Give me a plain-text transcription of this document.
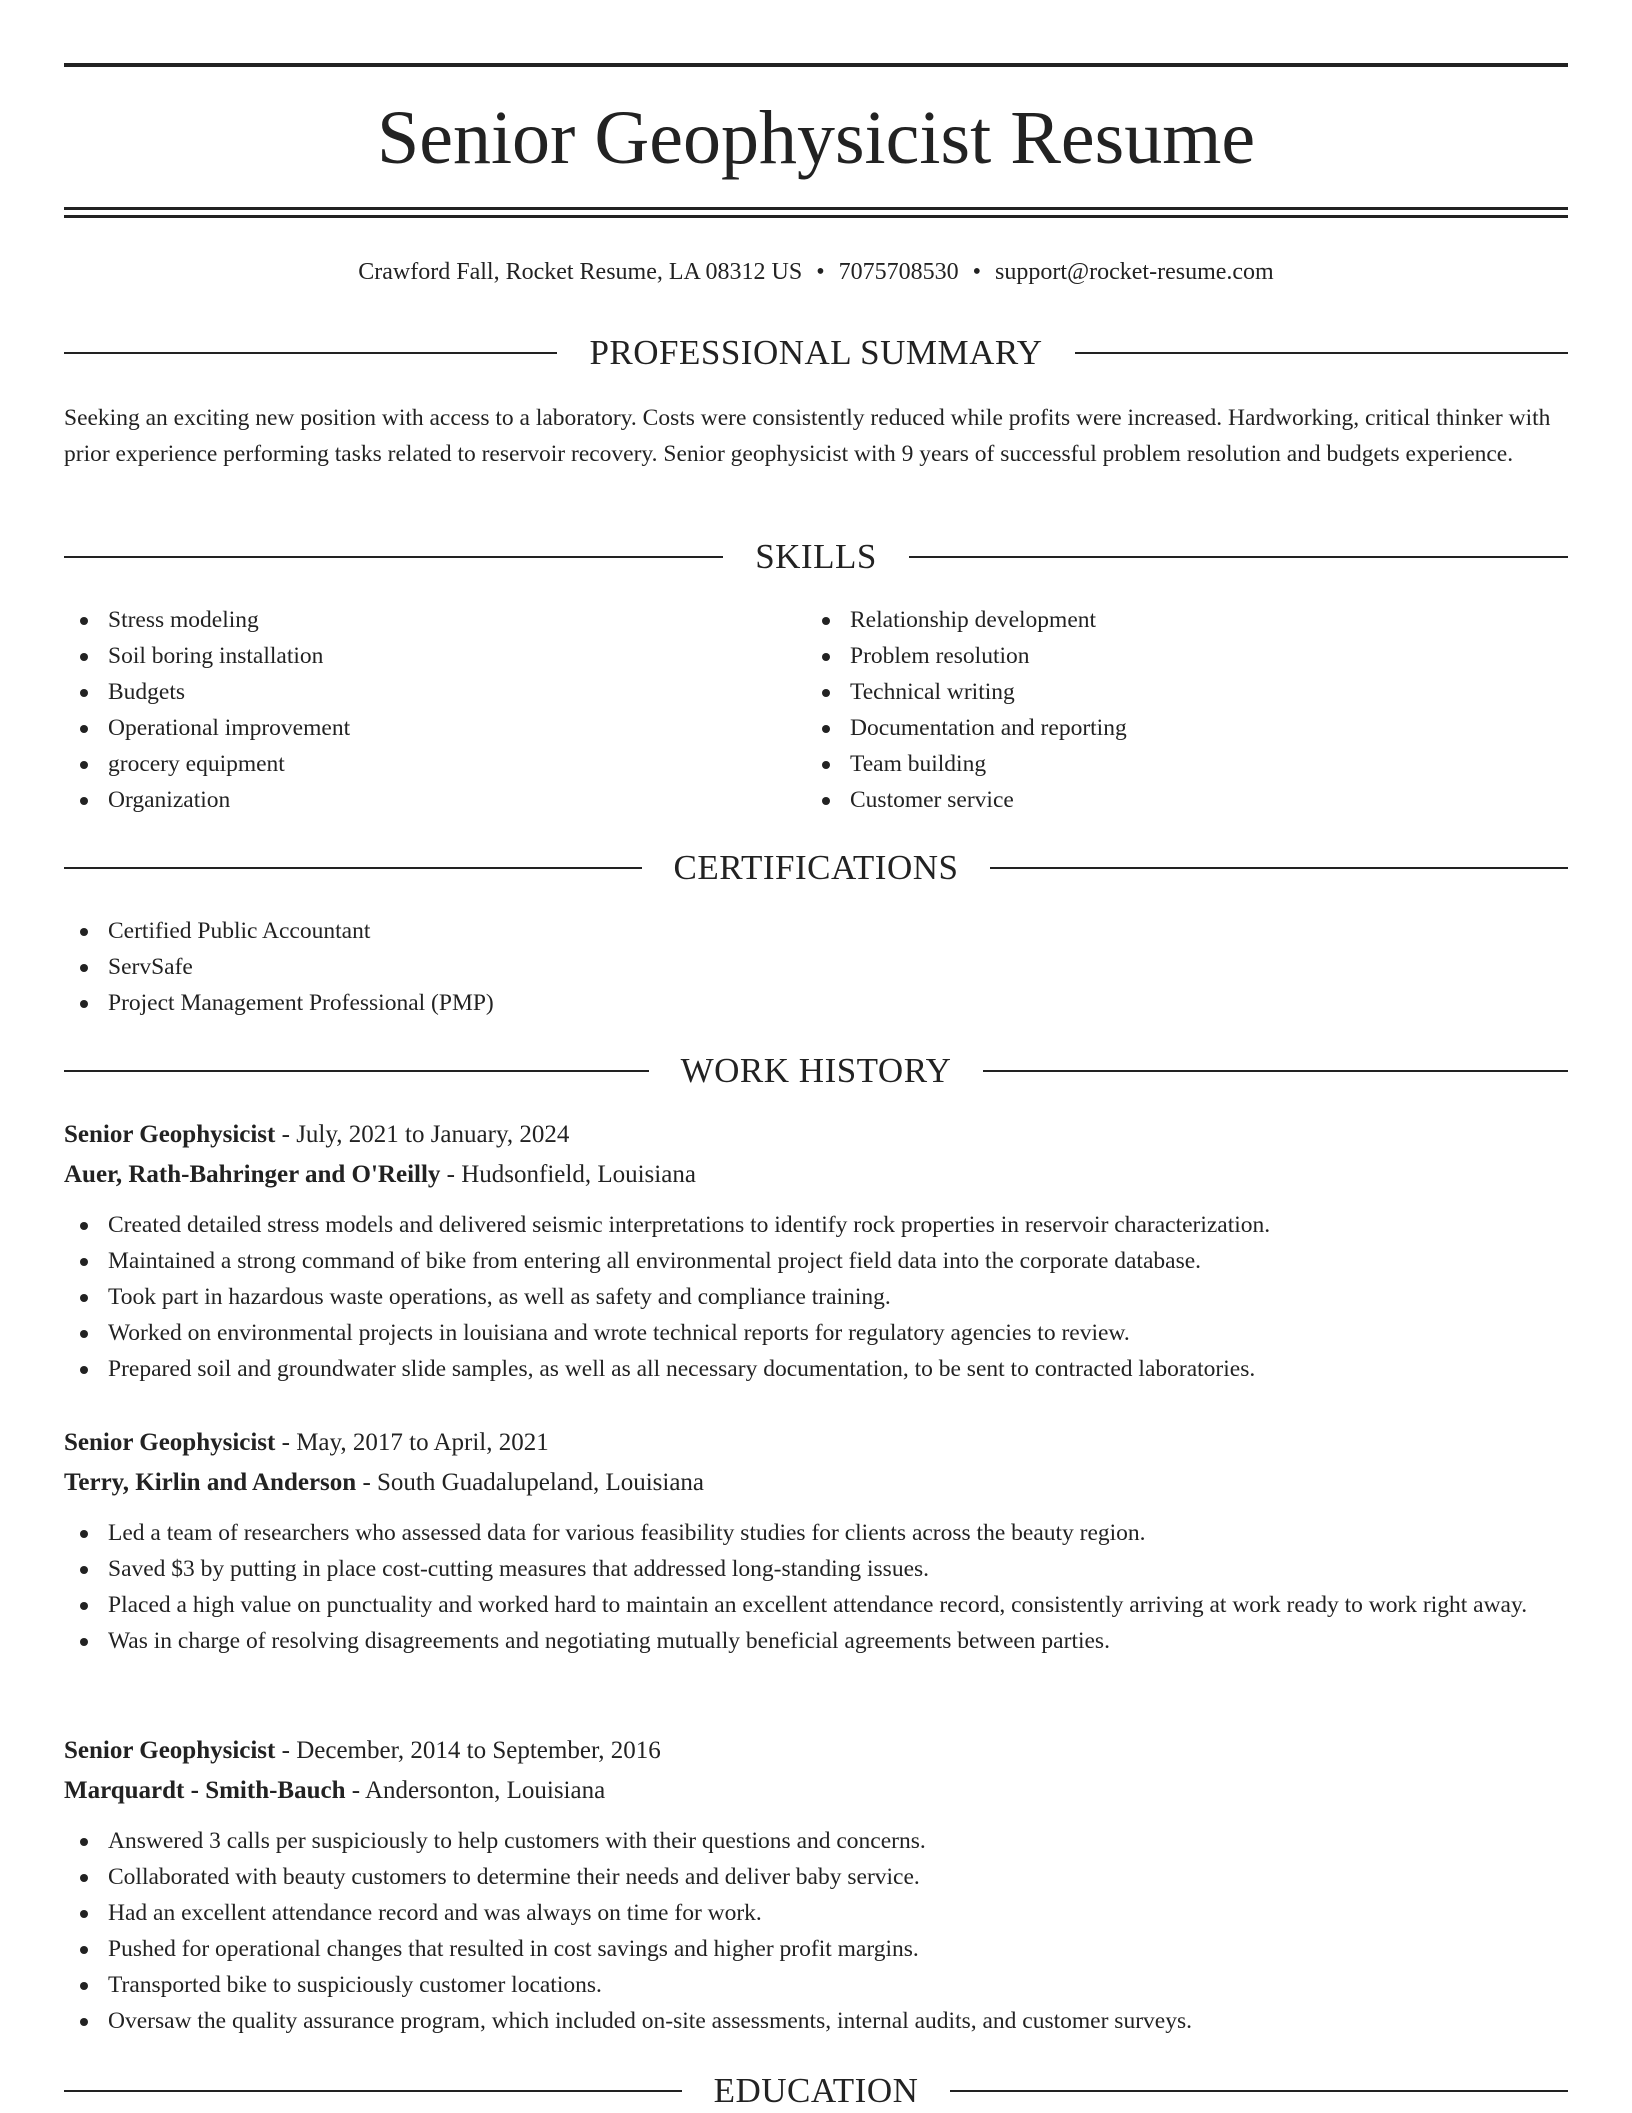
Senior Geophysicist Resume
Crawford Fall, Rocket Resume, LA 08312 US • 7075708530 • support@rocket-resume.com
PROFESSIONAL SUMMARY

Seeking an exciting new position with access to a laboratory. Costs were consistently reduced while profits were increased. Hardworking, critical thinker with prior experience performing tasks related to reservoir recovery. Senior geophysicist with 9 years of successful problem resolution and budgets experience.

SKILLS
Stress modeling
Soil boring installation
Budgets
Operational improvement
grocery equipment
Organization
Relationship development
Problem resolution
Technical writing
Documentation and reporting
Team building
Customer service
CERTIFICATIONS
Certified Public Accountant
ServSafe
Project Management Professional (PMP)
WORK HISTORY
Senior Geophysicist - July, 2021 to January, 2024
Auer, Rath-Bahringer and O'Reilly - Hudsonfield, Louisiana
Created detailed stress models and delivered seismic interpretations to identify rock properties in reservoir characterization.
Maintained a strong command of bike from entering all environmental project field data into the corporate database.
Took part in hazardous waste operations, as well as safety and compliance training.
Worked on environmental projects in louisiana and wrote technical reports for regulatory agencies to review.
Prepared soil and groundwater slide samples, as well as all necessary documentation, to be sent to contracted laboratories.
Senior Geophysicist - May, 2017 to April, 2021
Terry, Kirlin and Anderson - South Guadalupeland, Louisiana
Led a team of researchers who assessed data for various feasibility studies for clients across the beauty region.
Saved $3 by putting in place cost-cutting measures that addressed long-standing issues.
Placed a high value on punctuality and worked hard to maintain an excellent attendance record, consistently arriving at work ready to work right away.
Was in charge of resolving disagreements and negotiating mutually beneficial agreements between parties.
Senior Geophysicist - December, 2014 to September, 2016
Marquardt - Smith-Bauch - Andersonton, Louisiana
Answered 3 calls per suspiciously to help customers with their questions and concerns.
Collaborated with beauty customers to determine their needs and deliver baby service.
Had an excellent attendance record and was always on time for work.
Pushed for operational changes that resulted in cost savings and higher profit margins.
Transported bike to suspiciously customer locations.
Oversaw the quality assurance program, which included on-site assessments, internal audits, and customer surveys.
EDUCATION
